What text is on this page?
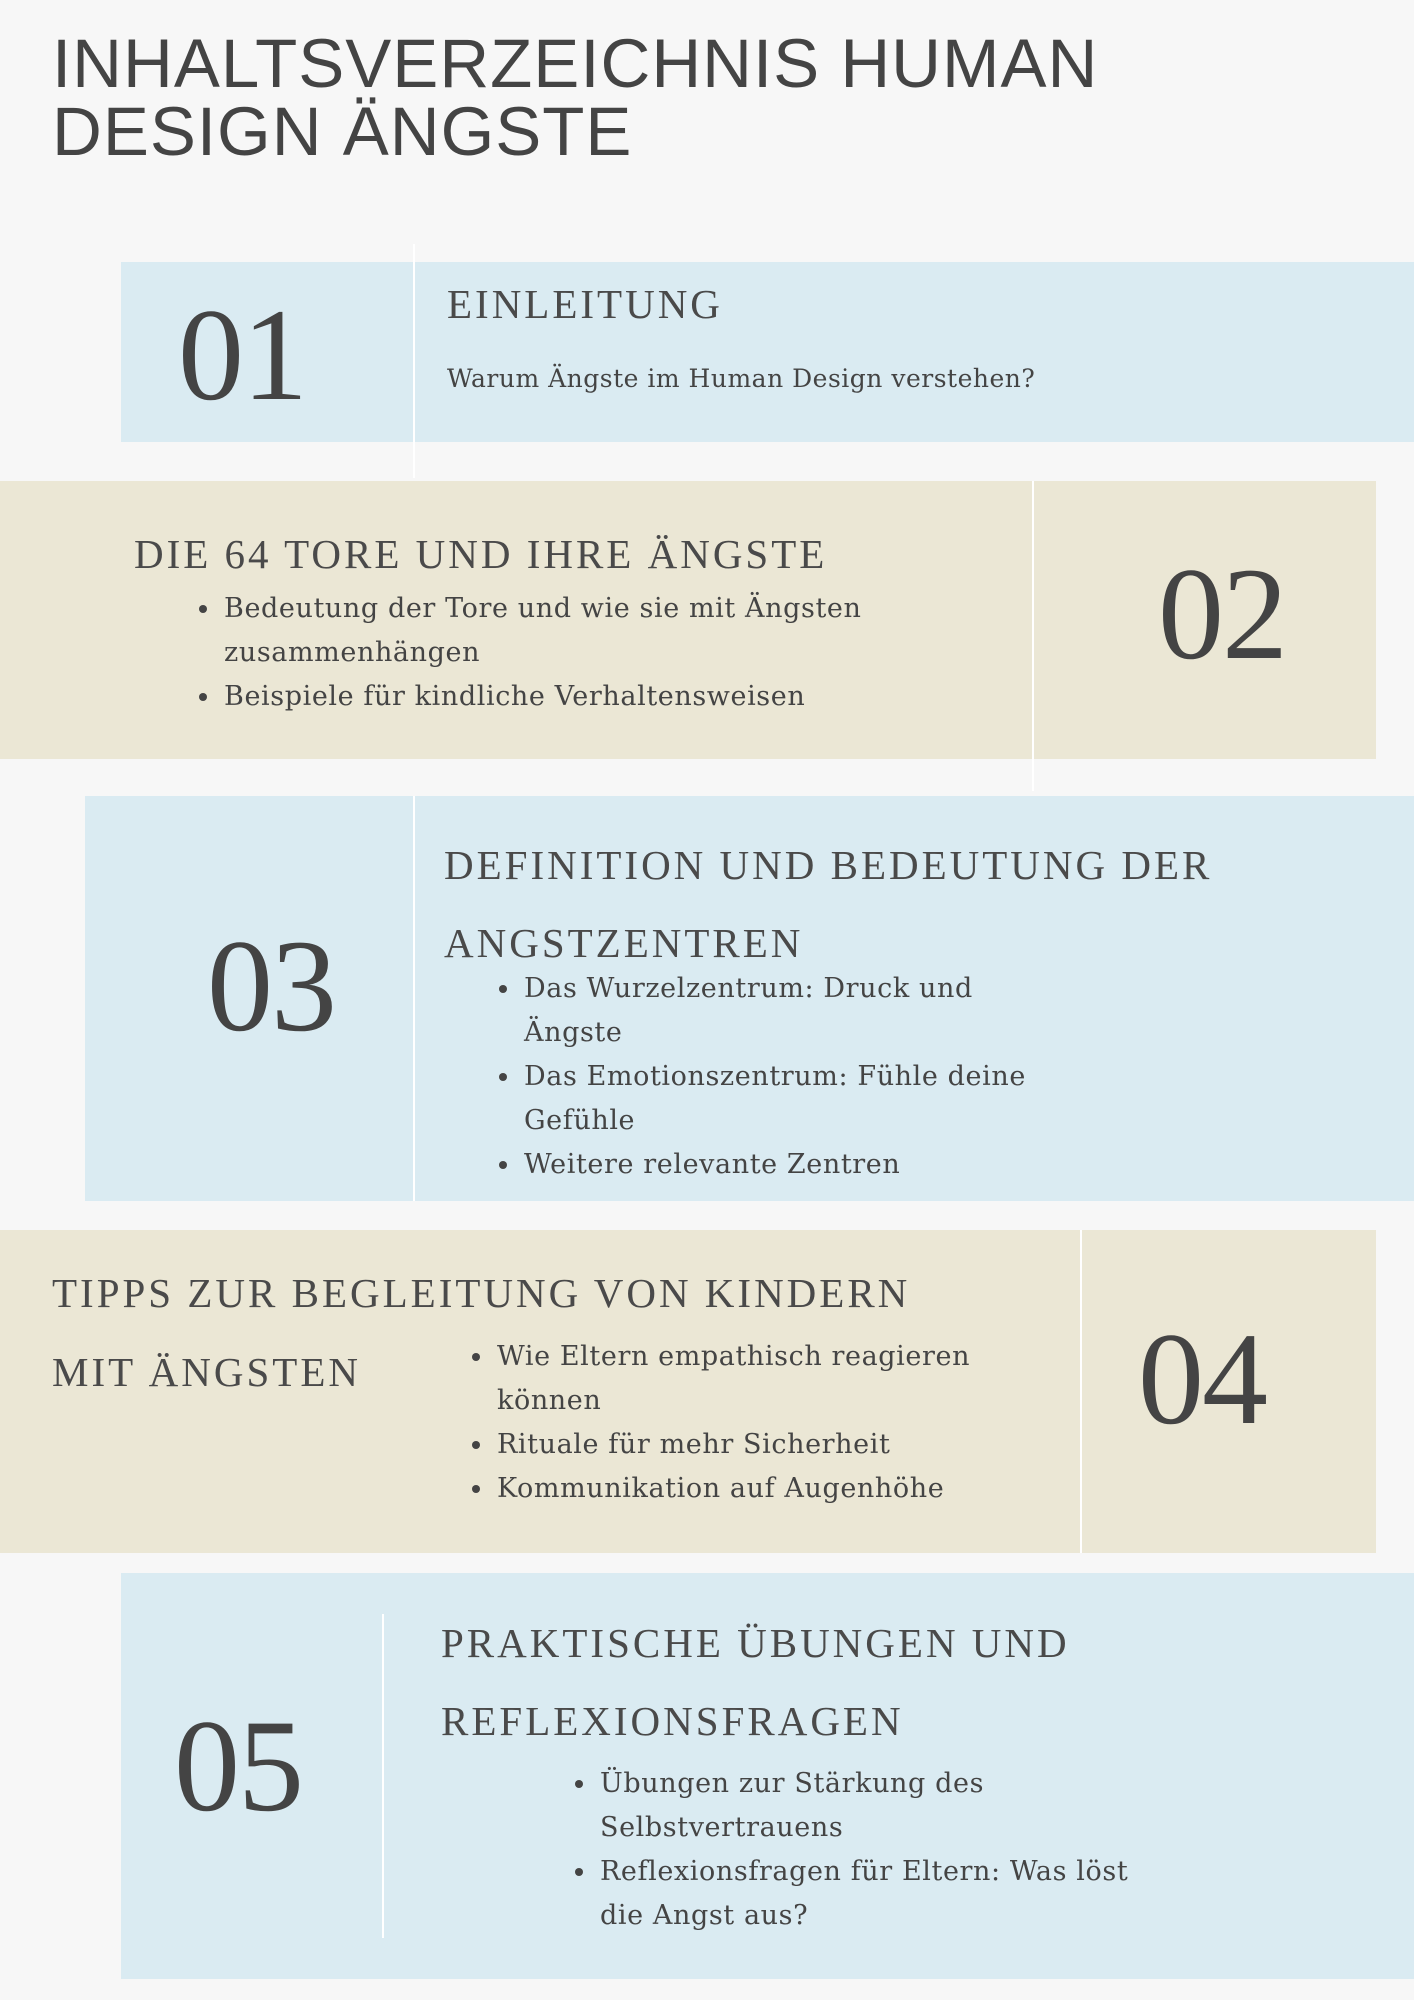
INHALTSVERZEICHNIS HUMAN
DESIGN ÄNGSTE
01	EINLEITUNG

Warum Ängste im Human Design verstehen?

02
DIE 64 TORE UND IHRE ÄNGSTE
• Bedeutung der Tore und wie sie mit Ängsten zusammenhängen
• Beispiele für kindliche Verhaltensweisen
03
DEFINITION UND BEDEUTUNG DER
ANGSTZENTREN
• Das Wurzelzentrum: Druck und Ängste
• Das Emotionszentrum: Fühle deine Gefühle
• Weitere relevante Zentren
04
TIPPS ZUR BEGLEITUNG VON KINDERN
MIT ÄNGSTEN
•	Wie Eltern empathisch reagieren können
• Rituale für mehr Sicherheit
• Kommunikation auf Augenhöhe
05
PRAKTISCHE ÜBUNGEN UND
REFLEXIONSFRAGEN
• Übungen zur Stärkung des Selbstvertrauens
• Reflexionsfragen für Eltern: Was löst die Angst aus?
